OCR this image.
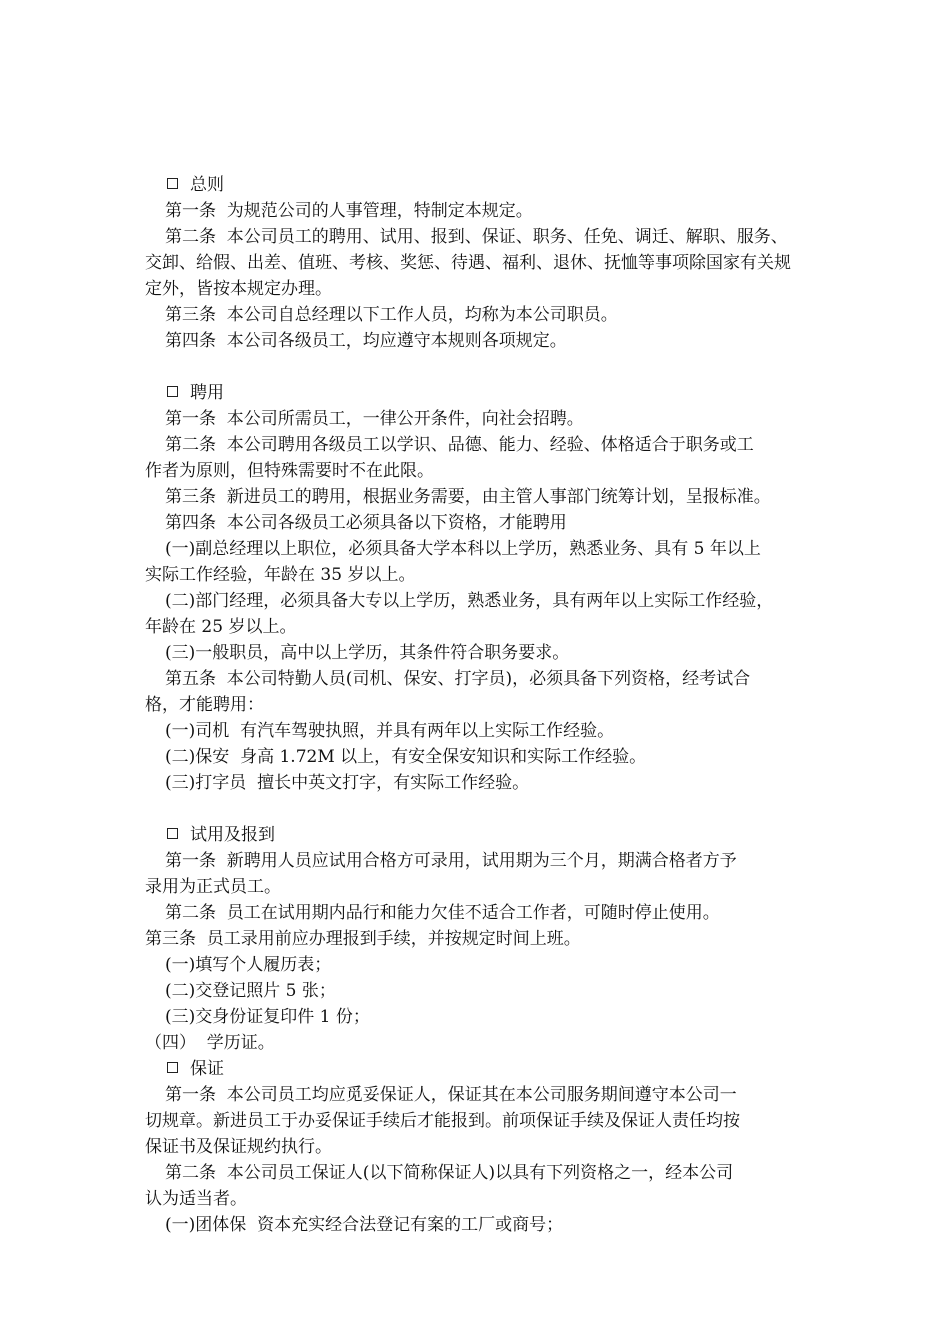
总则
第一条  为规范公司的人事管理，特制定本规定。
第二条  本公司员工的聘用、试用、报到、保证、职务、任免、调迁、解职、服务、
交卸、给假、出差、值班、考核、奖惩、待遇、福利、退休、抚恤等事项除国家有关规
定外，皆按本规定办理。
第三条  本公司自总经理以下工作人员，均称为本公司职员。
第四条  本公司各级员工，均应遵守本规则各项规定。
聘用
第一条  本公司所需员工，一律公开条件，向社会招聘。
第二条  本公司聘用各级员工以学识、品德、能力、经验、体格适合于职务或工
作者为原则，但特殊需要时不在此限。
第三条  新进员工的聘用，根据业务需要，由主管人事部门统筹计划，呈报标准。
第四条  本公司各级员工必须具备以下资格，才能聘用
(一)副总经理以上职位，必须具备大学本科以上学历，熟悉业务、具有 5 年以上
实际工作经验，年龄在 35 岁以上。
(二)部门经理，必须具备大专以上学历，熟悉业务，具有两年以上实际工作经验，
年龄在 25 岁以上。
(三)一般职员，高中以上学历，其条件符合职务要求。
第五条  本公司特勤人员(司机、保安、打字员)，必须具备下列资格，经考试合
格，才能聘用：
(一)司机  有汽车驾驶执照，并具有两年以上实际工作经验。
(二)保安  身高 1.72M 以上，有安全保安知识和实际工作经验。
(三)打字员  擅长中英文打字，有实际工作经验。
试用及报到
第一条  新聘用人员应试用合格方可录用，试用期为三个月，期满合格者方予
录用为正式员工。
第二条  员工在试用期内品行和能力欠佳不适合工作者，可随时停止使用。
第三条  员工录用前应办理报到手续，并按规定时间上班。
(一)填写个人履历表；
(二)交登记照片 5 张；
(三)交身份证复印件 1 份；
（四）  学历证。
保证
第一条  本公司员工均应觅妥保证人，保证其在本公司服务期间遵守本公司一
切规章。新进员工于办妥保证手续后才能报到。前项保证手续及保证人责任均按
保证书及保证规约执行。
第二条  本公司员工保证人(以下简称保证人)以具有下列资格之一，经本公司
认为适当者。
(一)团体保  资本充实经合法登记有案的工厂或商号；
